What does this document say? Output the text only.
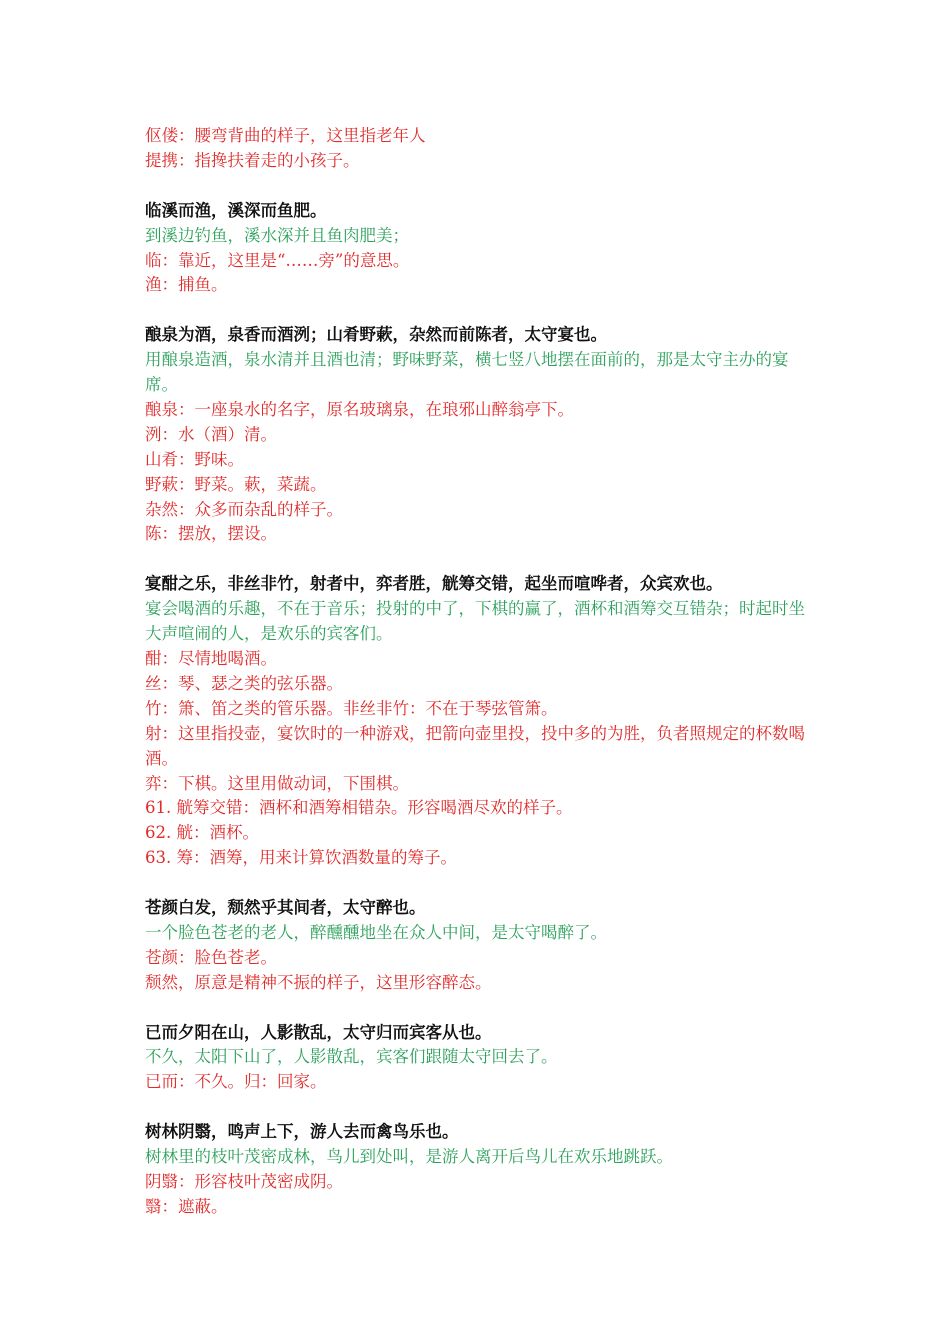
伛偻：腰弯背曲的样子，这里指老年人
提携：指搀扶着走的小孩子。
临溪而渔，溪深而鱼肥。
到溪边钓鱼，溪水深并且鱼肉肥美；
临：靠近，这里是“……旁”的意思。
渔：捕鱼。
酿泉为酒，泉香而酒洌；山肴野蔌，杂然而前陈者，太守宴也。
用酿泉造酒，泉水清并且酒也清；野味野菜，横七竖八地摆在面前的，那是太守主办的宴席。
酿泉：一座泉水的名字，原名玻璃泉，在琅邪山醉翁亭下。
洌：水（酒）清。
山肴：野味。
野蔌：野菜。蔌，菜蔬。
杂然：众多而杂乱的样子。
陈：摆放，摆设。
宴酣之乐，非丝非竹，射者中，弈者胜，觥筹交错，起坐而喧哗者，众宾欢也。
宴会喝酒的乐趣，不在于音乐；投射的中了，下棋的赢了，酒杯和酒筹交互错杂；时起时坐大声喧闹的人，是欢乐的宾客们。
酣：尽情地喝酒。
丝：琴、瑟之类的弦乐器。
竹：箫、笛之类的管乐器。非丝非竹：不在于琴弦管箫。
射：这里指投壶，宴饮时的一种游戏，把箭向壶里投，投中多的为胜，负者照规定的杯数喝酒。
弈：下棋。这里用做动词，下围棋。
61. 觥筹交错：酒杯和酒筹相错杂。形容喝酒尽欢的样子。
62. 觥：酒杯。
63. 筹：酒筹，用来计算饮酒数量的筹子。
苍颜白发，颓然乎其间者，太守醉也。
一个脸色苍老的老人，醉醺醺地坐在众人中间，是太守喝醉了。
苍颜：脸色苍老。
颓然，原意是精神不振的样子，这里形容醉态。
已而夕阳在山，人影散乱，太守归而宾客从也。
不久，太阳下山了，人影散乱，宾客们跟随太守回去了。
已而：不久。归：回家。
树林阴翳，鸣声上下，游人去而禽鸟乐也。
树林里的枝叶茂密成林，鸟儿到处叫，是游人离开后鸟儿在欢乐地跳跃。
阴翳：形容枝叶茂密成阴。
翳：遮蔽。
